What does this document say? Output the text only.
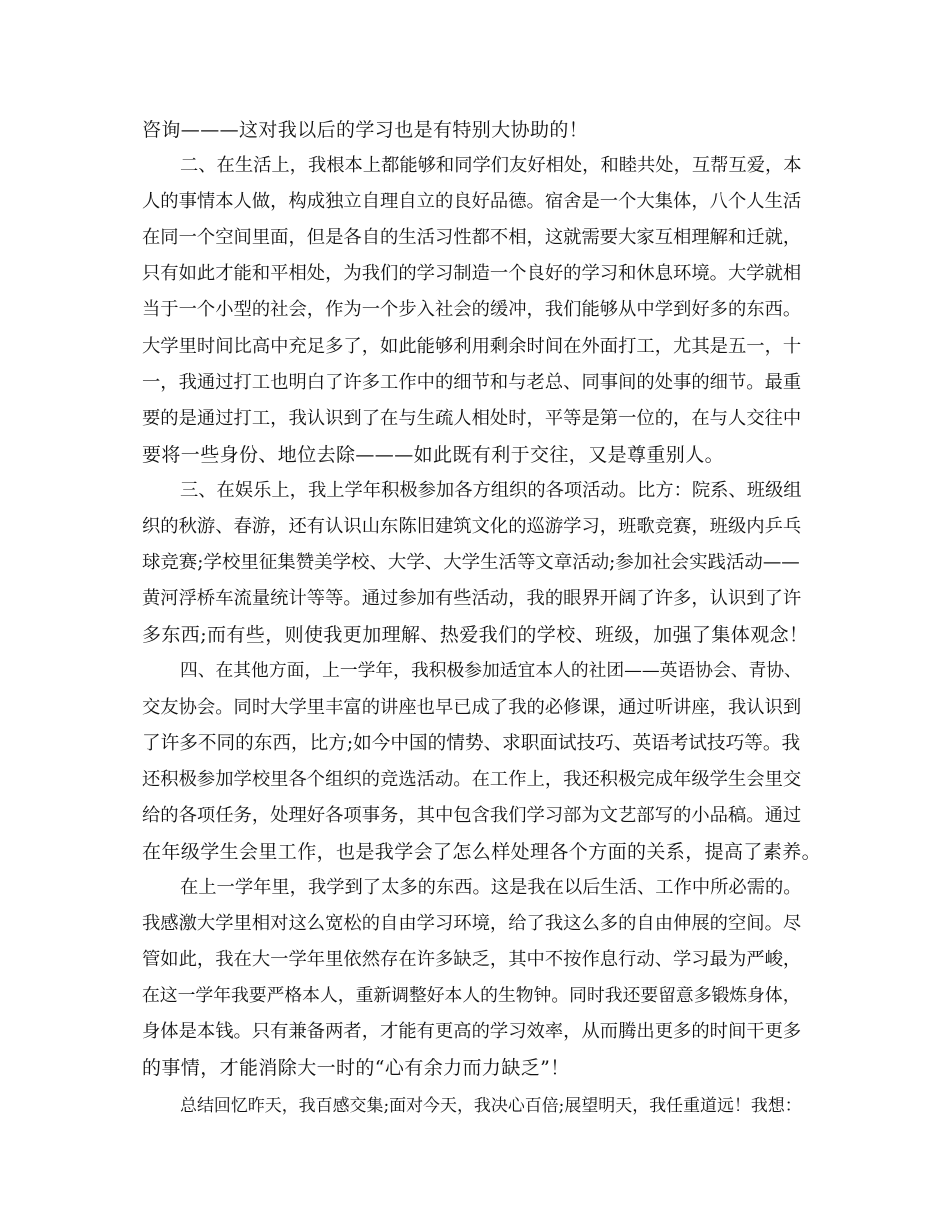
咨询———这对我以后的学习也是有特别大协助的！
二、在生活上，我根本上都能够和同学们友好相处，和睦共处，互帮互爱，本
人的事情本人做，构成独立自理自立的良好品德。宿舍是一个大集体，八个人生活
在同一个空间里面，但是各自的生活习性都不相，这就需要大家互相理解和迁就，
只有如此才能和平相处，为我们的学习制造一个良好的学习和休息环境。大学就相
当于一个小型的社会，作为一个步入社会的缓冲，我们能够从中学到好多的东西。
大学里时间比高中充足多了，如此能够利用剩余时间在外面打工，尤其是五一，十
一，我通过打工也明白了许多工作中的细节和与老总、同事间的处事的细节。最重
要的是通过打工，我认识到了在与生疏人相处时，平等是第一位的，在与人交往中
要将一些身份、地位去除———如此既有利于交往，又是尊重别人。
三、在娱乐上，我上学年积极参加各方组织的各项活动。比方：院系、班级组
织的秋游、春游，还有认识山东陈旧建筑文化的巡游学习，班歌竞赛，班级内乒乓
球竞赛;学校里征集赞美学校、大学、大学生活等文章活动;参加社会实践活动——
黄河浮桥车流量统计等等。通过参加有些活动，我的眼界开阔了许多，认识到了许
多东西;而有些，则使我更加理解、热爱我们的学校、班级，加强了集体观念！
四、在其他方面，上一学年，我积极参加适宜本人的社团——英语协会、青协、
交友协会。同时大学里丰富的讲座也早已成了我的必修课，通过听讲座，我认识到
了许多不同的东西，比方;如今中国的情势、求职面试技巧、英语考试技巧等。我
还积极参加学校里各个组织的竞选活动。在工作上，我还积极完成年级学生会里交
给的各项任务，处理好各项事务，其中包含我们学习部为文艺部写的小品稿。通过
在年级学生会里工作，也是我学会了怎么样处理各个方面的关系，提高了素养。
在上一学年里，我学到了太多的东西。这是我在以后生活、工作中所必需的。
我感激大学里相对这么宽松的自由学习环境，给了我这么多的自由伸展的空间。尽
管如此，我在大一学年里依然存在许多缺乏，其中不按作息行动、学习最为严峻，
在这一学年我要严格本人，重新调整好本人的生物钟。同时我还要留意多锻炼身体，
身体是本钱。只有兼备两者，才能有更高的学习效率，从而腾出更多的时间干更多
的事情，才能消除大一时的“心有余力而力缺乏”！
总结回忆昨天，我百感交集;面对今天，我决心百倍;展望明天，我任重道远！我想：
